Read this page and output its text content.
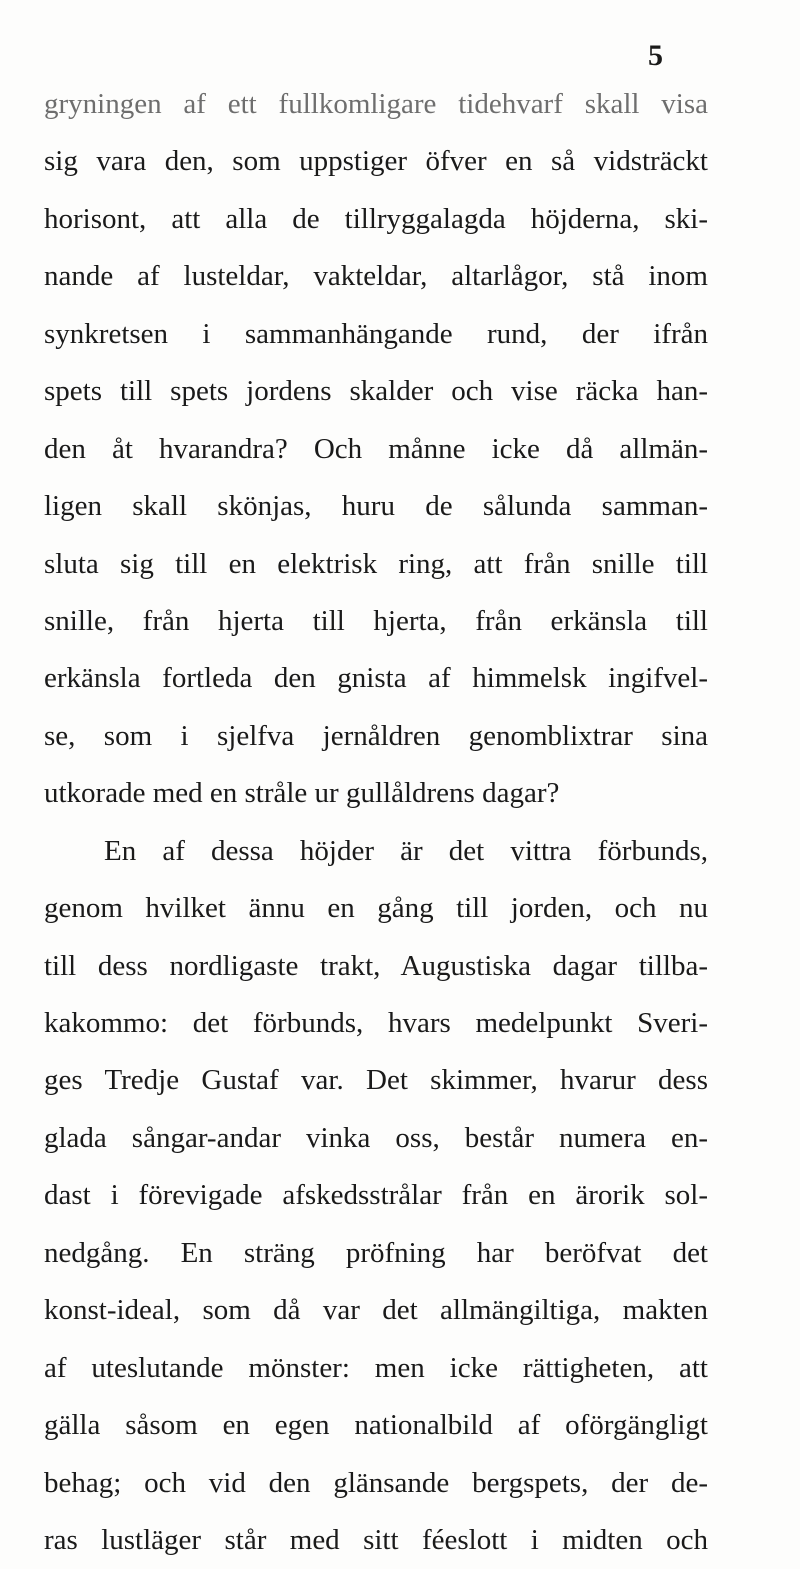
5
gryningen af ett fullkomligare tidehvarf skall visa
sig vara den, som uppstiger öfver en så vidsträckt
horisont, att alla de tillryggalagda höjderna, ski-
nande af lusteldar, vakteldar, altarlågor, stå inom
synkretsen i sammanhängande rund, der ifrån
spets till spets jordens skalder och vise räcka han-
den åt hvarandra? Och månne icke då allmän-
ligen skall skönjas, huru de sålunda samman-
sluta sig till en elektrisk ring, att från snille till
snille, från hjerta till hjerta, från erkänsla till
erkänsla fortleda den gnista af himmelsk ingifvel-
se, som i sjelfva jernåldren genomblixtrar sina
utkorade med en stråle ur gullåldrens dagar?
En af dessa höjder är det vittra förbunds,
genom hvilket ännu en gång till jorden, och nu
till dess nordligaste trakt, Augustiska dagar tillba-
kakommo: det förbunds, hvars medelpunkt Sveri-
ges Tredje Gustaf var. Det skimmer, hvarur dess
glada sångar-andar vinka oss, består numera en-
dast i förevigade afskedsstrålar från en ärorik sol-
nedgång. En sträng pröfning har beröfvat det
konst-ideal, som då var det allmängiltiga, makten
af uteslutande mönster: men icke rättigheten, att
gälla såsom en egen nationalbild af oförgängligt
behag; och vid den glänsande bergspets, der de-
ras lustläger står med sitt féeslott i midten och
